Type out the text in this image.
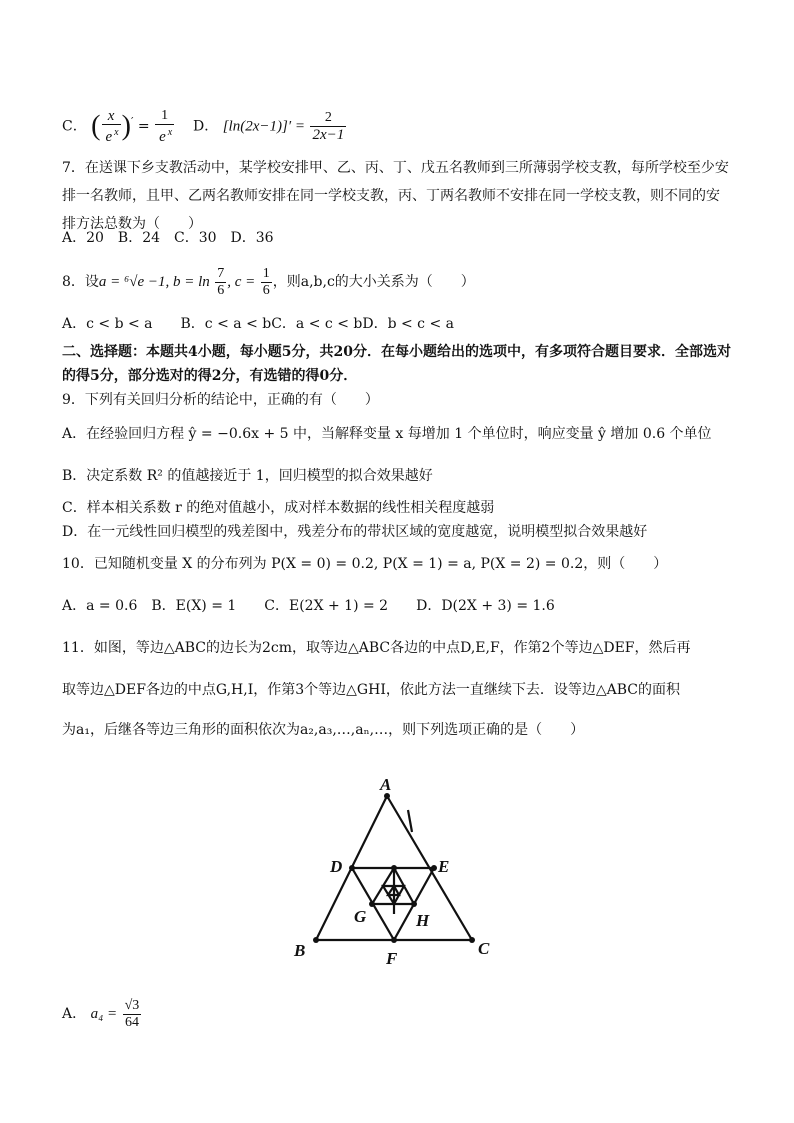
C． ( $\frac{x}{e ^x} )' = \frac{1}{e ^x}$ D． $[\ln(2x-1)]' = \frac{2}{2x-1}$
7．在送课下乡支教活动中，某学校安排甲、乙、丙、丁、戊五名教师到三所薄弱学校支教，每所学校至少安排一名教师，且甲、乙两名教师安排在同一学校支教，丙、丁两名教师不安排在同一学校支教，则不同的安排方法总数为（　　）
A．20　B．24　C．30　D．36
8．设a = ⁶√e −1, $b = \ln \frac{7}{6}$ , $c = \frac{1}{6}$ ，则a,b,c的大小关系为（　　）
A．c < b < a　　B．c < a < bC．a < c < bD．b < c < a
二、选择题：本题共4小题，每小题5分，共20分．在每小题给出的选项中，有多项符合题目要求．全部选对的得5分，部分选对的得2分，有选错的得0分．
9．下列有关回归分析的结论中，正确的有（　　）
A．在经验回归方程 ŷ = −0.6x + 5 中，当解释变量 x 每增加 1 个单位时，响应变量 ŷ 增加 0.6 个单位
B．决定系数 R² 的值越接近于 1，回归模型的拟合效果越好
C．样本相关系数 r 的绝对值越小，成对样本数据的线性相关程度越弱
D．在一元线性回归模型的残差图中，残差分布的带状区域的宽度越宽，说明模型拟合效果越好
10．已知随机变量 X 的分布列为 P(X = 0) = 0.2, P(X = 1) = a, P(X = 2) = 0.2，则（　　）
A．a = 0.6　B．E(X) = 1　　C．E(2X + 1) = 2　　D．D(2X + 3) = 1.6
11．如图，等边△ABC的边长为2cm，取等边△ABC各边的中点D,E,F，作第2个等边△DEF，然后再
取等边△DEF各边的中点G,H,I，作第3个等边△GHI，依此方法一直继续下去．设等边△ABC的面积
为a₁，后继各等边三角形的面积依次为a₂,a₃,…,aₙ,…，则下列选项正确的是（　　）
A
D	E
G	H
B	F
C
A． $a_4 = \frac{√3}{64}$
